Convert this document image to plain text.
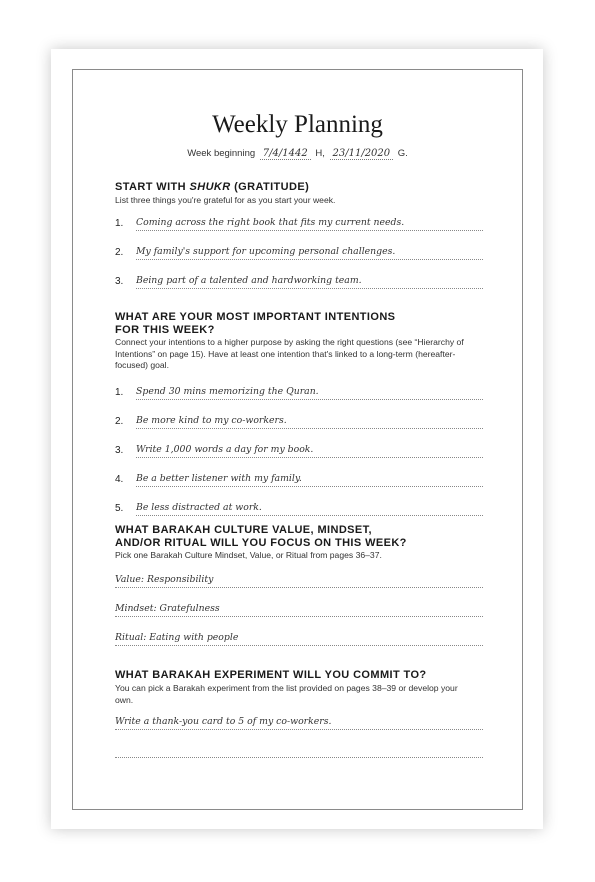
Weekly Planning
Week beginning 7/4/1442 H, 23/11/2020 G.
START WITH SHUKR (GRATITUDE)
List three things you're grateful for as you start your week.
1. Coming across the right book that fits my current needs.
2. My family's support for upcoming personal challenges.
3. Being part of a talented and hardworking team.
WHAT ARE YOUR MOST IMPORTANT INTENTIONS
FOR THIS WEEK?
Connect your intentions to a higher purpose by asking the right questions (see “Hierarchy of Intentions” on page 15). Have at least one intention that's linked to a long-term (hereafter-focused) goal.
1. Spend 30 mins memorizing the Quran.
2. Be more kind to my co-workers.
3. Write 1,000 words a day for my book.
4. Be a better listener with my family.
5. Be less distracted at work.
WHAT BARAKAH CULTURE VALUE, MINDSET,
AND/OR RITUAL WILL YOU FOCUS ON THIS WEEK?
Pick one Barakah Culture Mindset, Value, or Ritual from pages 36–37.
Value: Responsibility
Mindset: Gratefulness
Ritual: Eating with people
WHAT BARAKAH EXPERIMENT WILL YOU COMMIT TO?
You can pick a Barakah experiment from the list provided on pages 38–39 or develop your own.
Write a thank-you card to 5 of my co-workers.
